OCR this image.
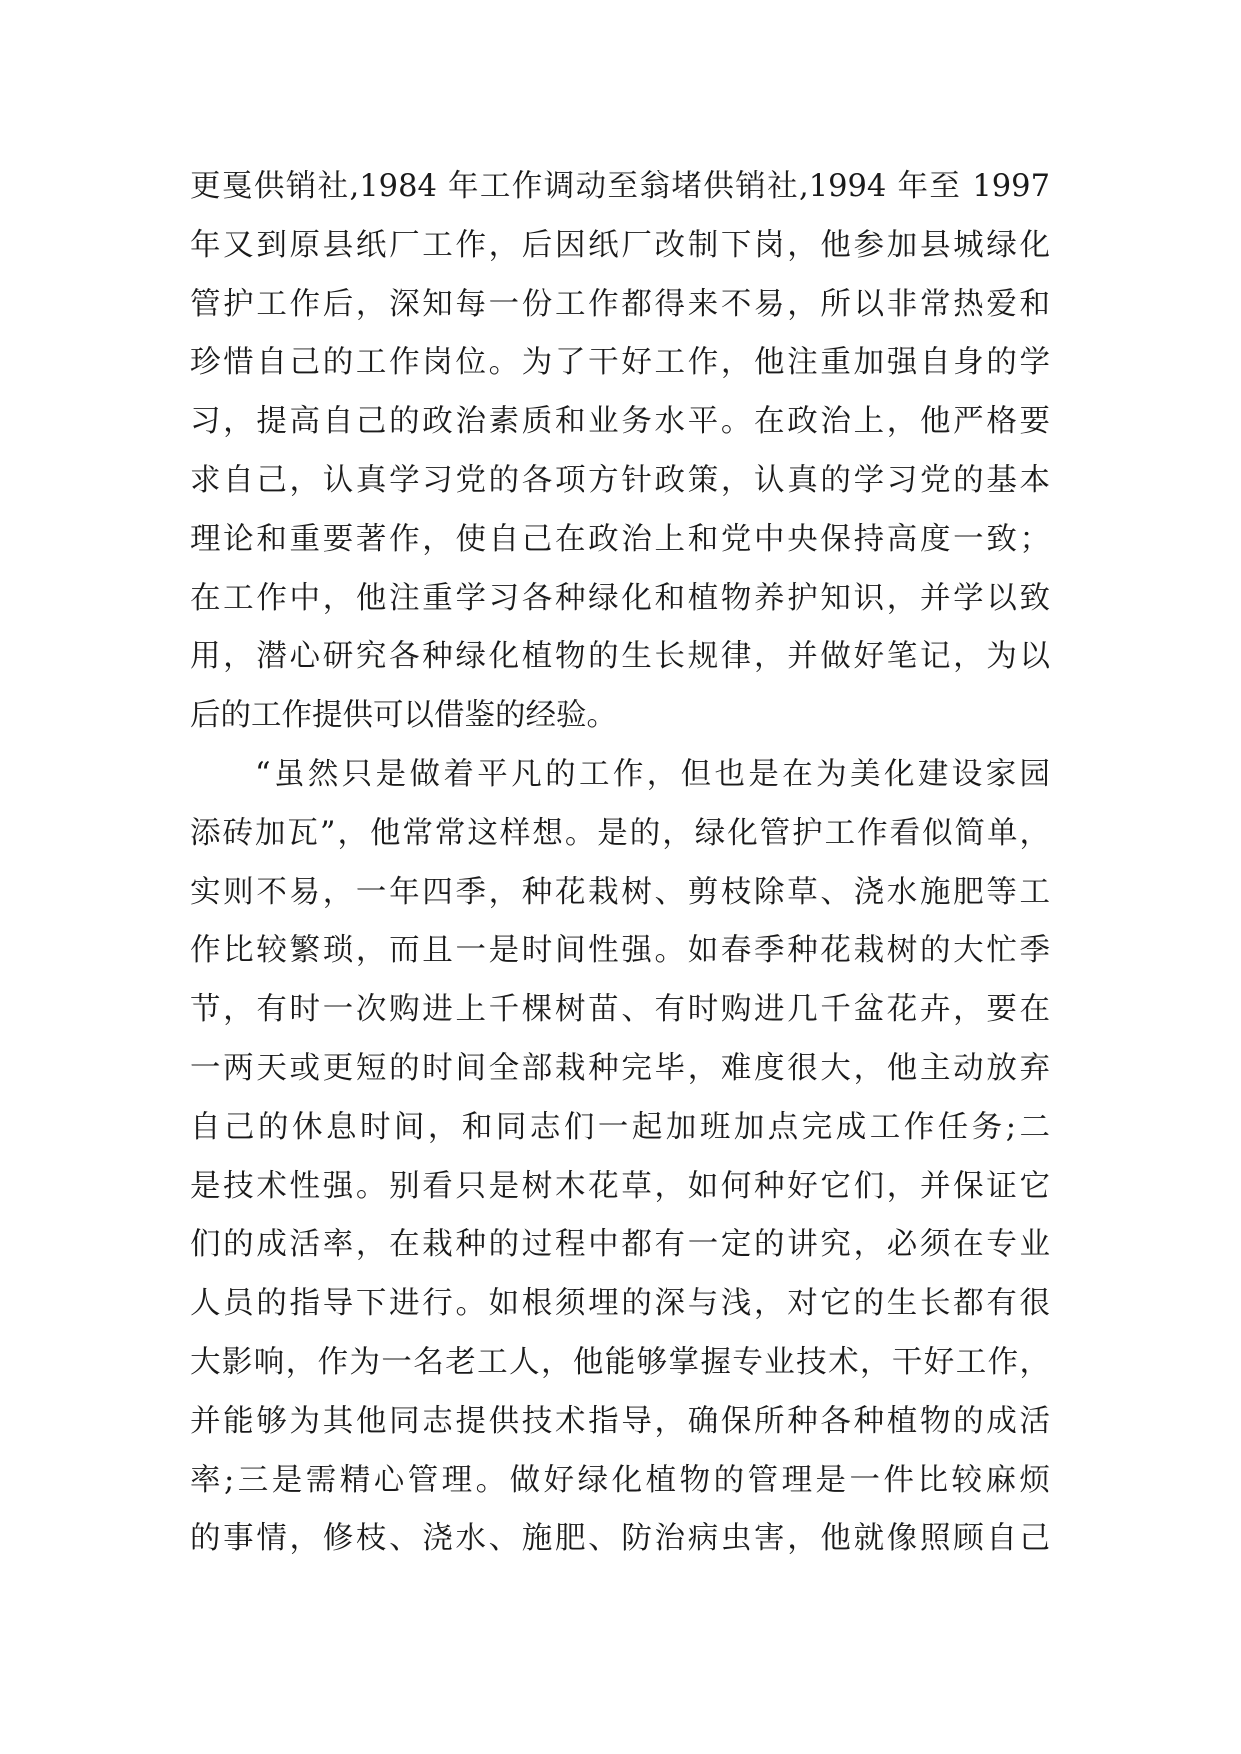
更戛供销社,1984 年工作调动至翁堵供销社,1994 年至 1997
年又到原县纸厂工作，后因纸厂改制下岗，他参加县城绿化
管护工作后，深知每一份工作都得来不易，所以非常热爱和
珍惜自己的工作岗位。为了干好工作，他注重加强自身的学
习，提高自己的政治素质和业务水平。在政治上，他严格要
求自己，认真学习党的各项方针政策，认真的学习党的基本
理论和重要著作，使自己在政治上和党中央保持高度一致；
在工作中，他注重学习各种绿化和植物养护知识，并学以致
用，潜心研究各种绿化植物的生长规律，并做好笔记，为以
后的工作提供可以借鉴的经验。
“虽然只是做着平凡的工作，但也是在为美化建设家园
添砖加瓦”，他常常这样想。是的，绿化管护工作看似简单，
实则不易，一年四季，种花栽树、剪枝除草、浇水施肥等工
作比较繁琐，而且一是时间性强。如春季种花栽树的大忙季
节，有时一次购进上千棵树苗、有时购进几千盆花卉，要在
一两天或更短的时间全部栽种完毕，难度很大，他主动放弃
自己的休息时间，和同志们一起加班加点完成工作任务;二
是技术性强。别看只是树木花草，如何种好它们，并保证它
们的成活率，在栽种的过程中都有一定的讲究，必须在专业
人员的指导下进行。如根须埋的深与浅，对它的生长都有很
大影响，作为一名老工人，他能够掌握专业技术，干好工作，
并能够为其他同志提供技术指导，确保所种各种植物的成活
率;三是需精心管理。做好绿化植物的管理是一件比较麻烦
的事情，修枝、浇水、施肥、防治病虫害，他就像照顾自己
